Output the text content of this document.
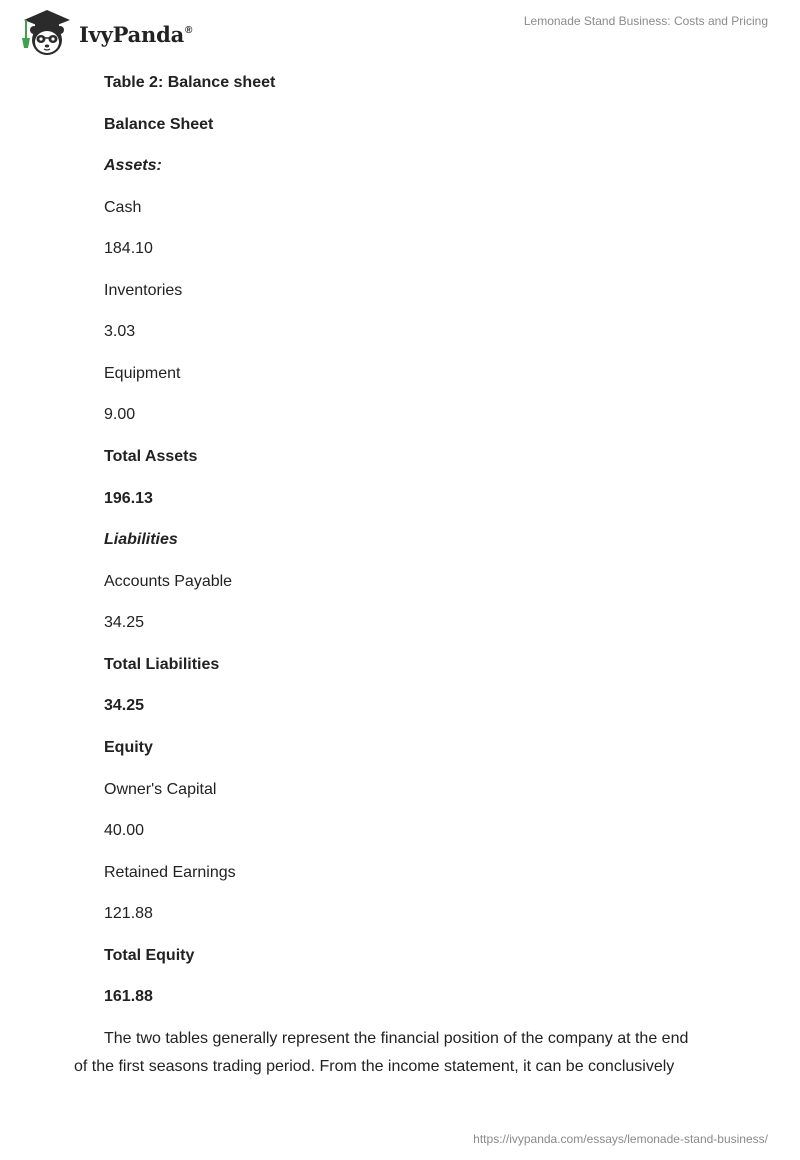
IvyPanda®
Lemonade Stand Business: Costs and Pricing
Table 2: Balance sheet
Balance Sheet
Assets:
Cash
184.10
Inventories
3.03
Equipment
9.00
Total Assets
196.13
Liabilities
Accounts Payable
34.25
Total Liabilities
34.25
Equity
Owner's Capital
40.00
Retained Earnings
121.88
Total Equity
161.88
The two tables generally represent the financial position of the company at the end
of the first seasons trading period. From the income statement, it can be conclusively
https://ivypanda.com/essays/lemonade-stand-business/
